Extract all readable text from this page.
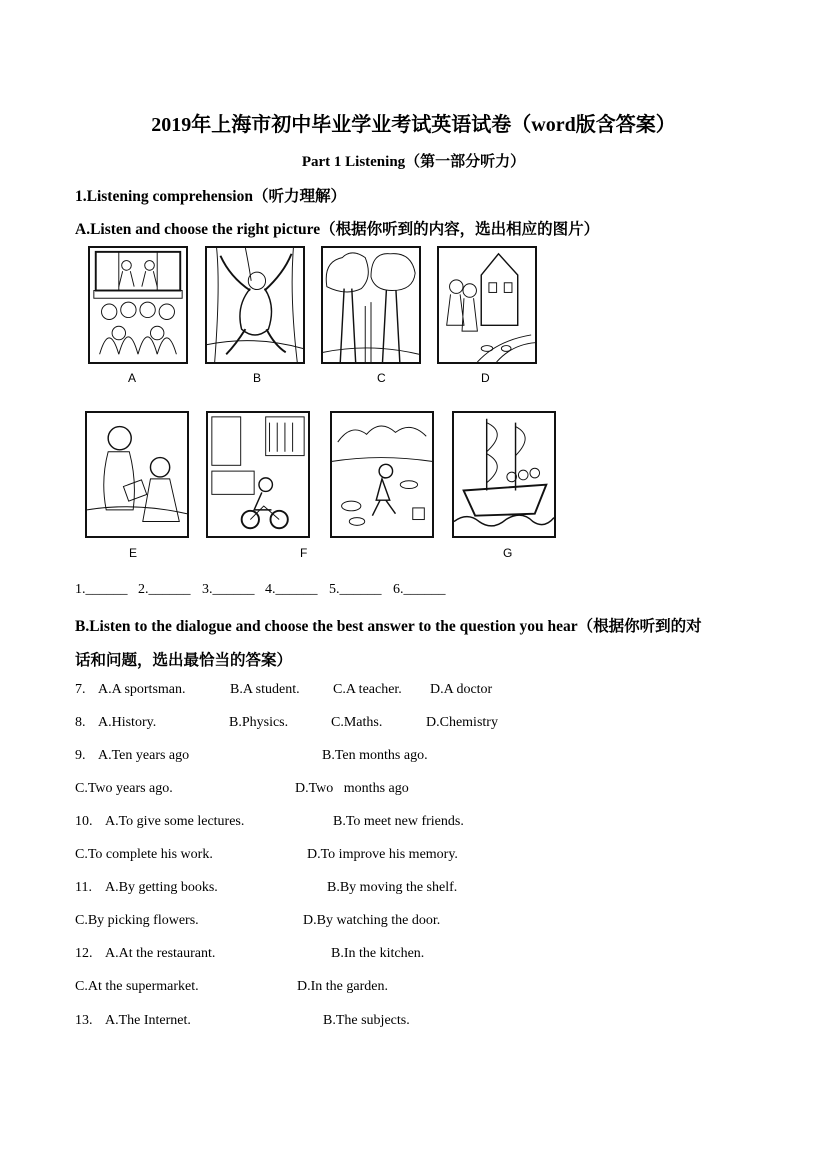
2019年上海市初中毕业学业考试英语试卷（word版含答案）
Part 1 Listening（第一部分听力）
1.Listening comprehension（听力理解）
A.Listen and choose the right picture（根据你听到的内容，选出相应的图片）
A	B	C	D
E	F	G
1.______ 2.______ 3.______ 4.______ 5.______ 6.______
B.Listen to the dialogue and choose the best answer to the question you hear（根据你听到的对
话和问题，选出最恰当的答案）
7. A.A sportsman.	B.A student. C.A teacher. D.A doctor
8. A.History.	B.Physics.	C.Maths.	D.Chemistry
9. A.Ten years ago	B.Ten months ago.
C.Two years ago.	D.Two   months ago
10. A.To give some lectures.	B.To meet new friends.
C.To complete his work.	D.To improve his memory.
11. A.By getting books.	B.By moving the shelf.
C.By picking flowers.	D.By watching the door.
12. A.At the restaurant.	B.In the kitchen.
C.At the supermarket.	D.In the garden.
13. A.The Internet.	B.The subjects.
